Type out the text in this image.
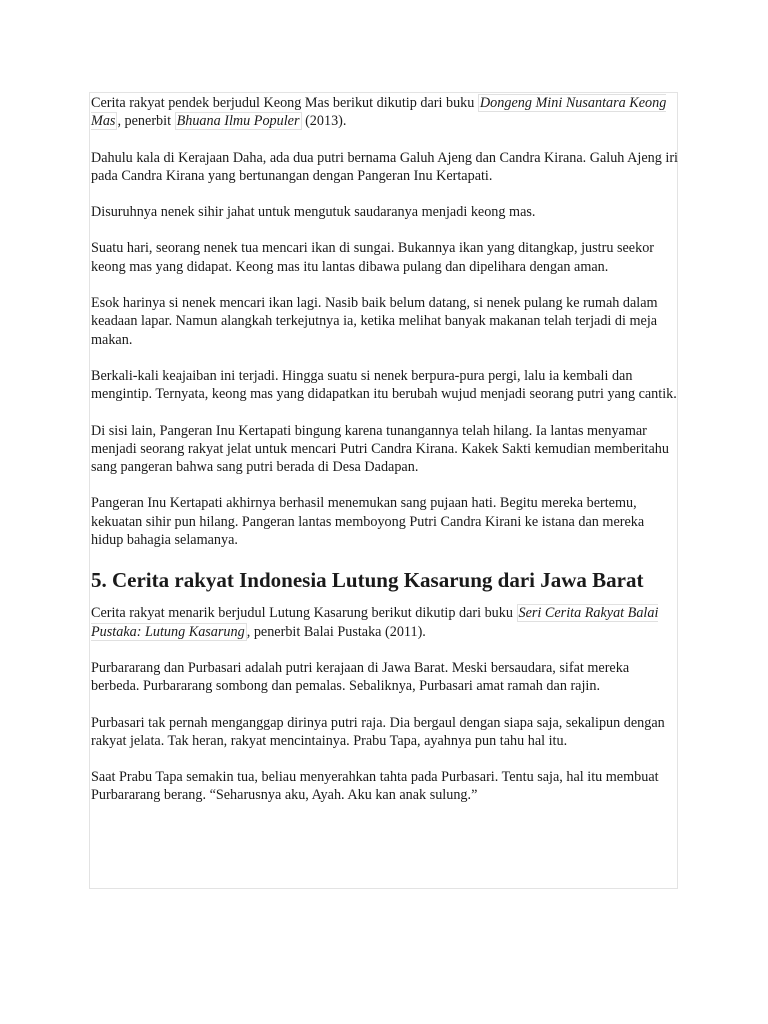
Cerita rakyat pendek berjudul Keong Mas berikut dikutip dari buku Dongeng Mini Nusantara Keong Mas , penerbit Bhuana Ilmu Populer (2013).

Dahulu kala di Kerajaan Daha, ada dua putri bernama Galuh Ajeng dan Candra Kirana. Galuh Ajeng iri pada Candra Kirana yang bertunangan dengan Pangeran Inu Kertapati.

Disuruhnya nenek sihir jahat untuk mengutuk saudaranya menjadi keong mas.

Suatu hari, seorang nenek tua mencari ikan di sungai. Bukannya ikan yang ditangkap, justru seekor keong mas yang didapat. Keong mas itu lantas dibawa pulang dan dipelihara dengan aman.

Esok harinya si nenek mencari ikan lagi. Nasib baik belum datang, si nenek pulang ke rumah dalam keadaan lapar. Namun alangkah terkejutnya ia, ketika melihat banyak makanan telah terjadi di meja makan.

Berkali-kali keajaiban ini terjadi. Hingga suatu si nenek berpura-pura pergi, lalu ia kembali dan mengintip. Ternyata, keong mas yang didapatkan itu berubah wujud menjadi seorang putri yang cantik.

Di sisi lain, Pangeran Inu Kertapati bingung karena tunangannya telah hilang. Ia lantas menyamar menjadi seorang rakyat jelat untuk mencari Putri Candra Kirana. Kakek Sakti kemudian memberitahu sang pangeran bahwa sang putri berada di Desa Dadapan.

Pangeran Inu Kertapati akhirnya berhasil menemukan sang pujaan hati. Begitu mereka bertemu, kekuatan sihir pun hilang. Pangeran lantas memboyong Putri Candra Kirani ke istana dan mereka hidup bahagia selamanya.

5. Cerita rakyat Indonesia Lutung Kasarung dari Jawa Barat

Cerita rakyat menarik berjudul Lutung Kasarung berikut dikutip dari buku Seri Cerita Rakyat Balai Pustaka: Lutung Kasarung , penerbit Balai Pustaka (2011).

Purbararang dan Purbasari adalah putri kerajaan di Jawa Barat. Meski bersaudara, sifat mereka berbeda. Purbararang sombong dan pemalas. Sebaliknya, Purbasari amat ramah dan rajin.

Purbasari tak pernah menganggap dirinya putri raja. Dia bergaul dengan siapa saja, sekalipun dengan rakyat jelata. Tak heran, rakyat mencintainya. Prabu Tapa, ayahnya pun tahu hal itu.

Saat Prabu Tapa semakin tua, beliau menyerahkan tahta pada Purbasari. Tentu saja, hal itu membuat Purbararang berang. “Seharusnya aku, Ayah. Aku kan anak sulung.”
